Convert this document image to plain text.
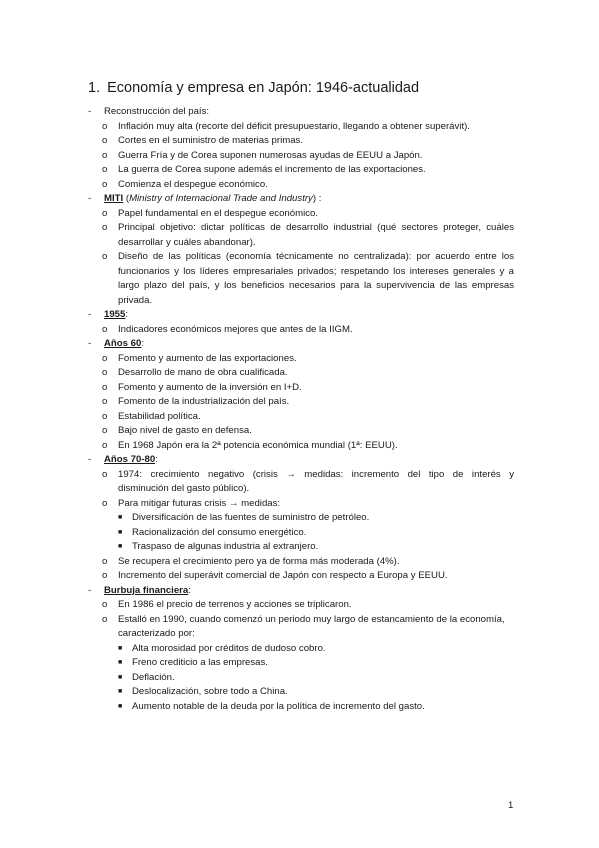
1. Economía y empresa en Japón: 1946-actualidad
- Reconstrucción del país:
o Inflación muy alta (recorte del déficit presupuestario, llegando a obtener superávit).
o Cortes en el suministro de materias primas.
o Guerra Fría y de Corea suponen numerosas ayudas de EEUU a Japón.
o La guerra de Corea supone además el incremento de las exportaciones.
o Comienza el despegue económico.
- MITI (Ministry of Internacional Trade and Industry) :
o Papel fundamental en el despegue económico.
o Principal objetivo: dictar políticas de desarrollo industrial (qué sectores proteger, cuáles
desarrollar y cuáles abandonar).
o Diseño de las políticas (economía técnicamente no centralizada): por acuerdo entre los
funcionarios y los líderes empresariales privados; respetando los intereses generales y a
largo plazo del país, y los beneficios necesarios para la supervivencia de las empresas
privada.
- 1955:
o Indicadores económicos mejores que antes de la IIGM.
- Años 60:
o Fomento y aumento de las exportaciones.
o Desarrollo de mano de obra cualificada.
o Fomento y aumento de la inversión en I+D.
o Fomento de la industrialización del país.
o Estabilidad política.
o Bajo nivel de gasto en defensa.
o En 1968 Japón era la 2ª potencia económica mundial (1ª: EEUU).
- Años 70-80:
o 1974: crecimiento negativo (crisis → medidas: incremento del tipo de interés y
disminución del gasto público).
o Para mitigar futuras crisis → medidas:
■ Diversificación de las fuentes de suministro de petróleo.
■ Racionalización del consumo energético.
■ Traspaso de algunas industria al extranjero.
o Se recupera el crecimiento pero ya de forma más moderada (4%).
o Incremento del superávit comercial de Japón con respecto a Europa y EEUU.
- Burbuja financiera:
o En 1986 el precio de terrenos y acciones se triplicaron.
o Estalló en 1990, cuando comenzó un periodo muy largo de estancamiento de la economía,
caracterizado por:
■ Alta morosidad por créditos de dudoso cobro.
■ Freno crediticio a las empresas.
■ Deflación.
■ Deslocalización, sobre todo a China.
■ Aumento notable de la deuda por la política de incremento del gasto.
1
